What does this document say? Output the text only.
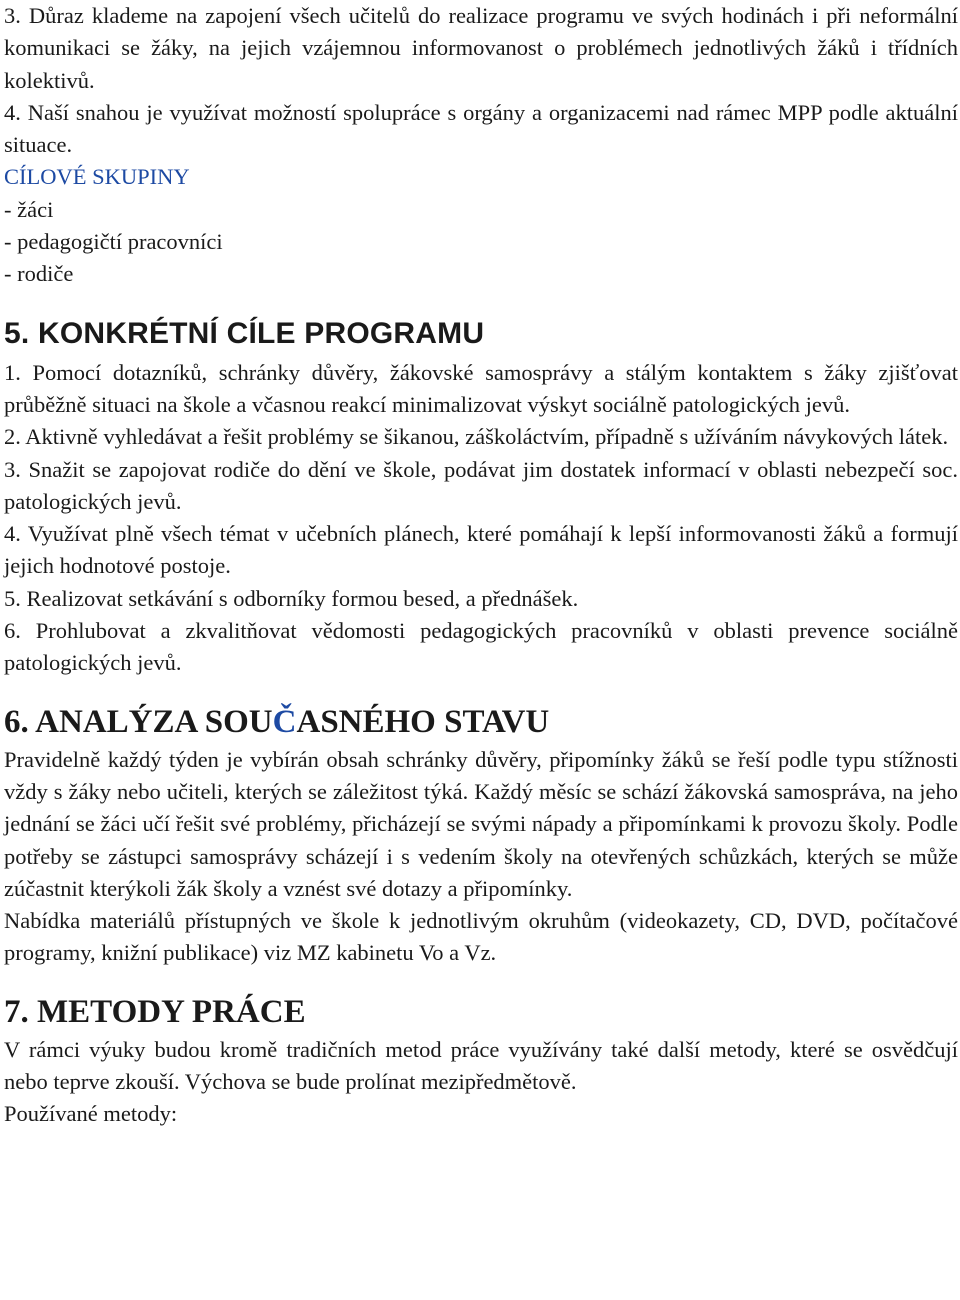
3. Důraz klademe na zapojení všech učitelů do realizace programu ve svých hodinách i při neformální komunikaci se žáky, na jejich vzájemnou informovanost o problémech jednotlivých žáků i třídních kolektivů.

4. Naší snahou je využívat možností spolupráce s orgány a organizacemi nad rámec MPP podle aktuální situace.

CÍLOVÉ SKUPINY

- žáci

- pedagogičtí pracovníci

- rodiče

5. KONKRÉTNÍ CÍLE PROGRAMU

1. Pomocí dotazníků, schránky důvěry, žákovské samosprávy a stálým kontaktem s žáky zjišťovat průběžně situaci na škole a včasnou reakcí minimalizovat výskyt sociálně patologických jevů.

2. Aktivně vyhledávat a řešit problémy se šikanou, záškoláctvím, případně s užíváním návykových látek.

3. Snažit se zapojovat rodiče do dění ve škole, podávat jim dostatek informací v oblasti nebezpečí soc. patologických jevů.

4. Využívat plně všech témat v učebních plánech, které pomáhají k lepší informovanosti žáků a formují jejich hodnotové postoje.

5. Realizovat setkávání s odborníky formou besed, a přednášek.

6. Prohlubovat a zkvalitňovat vědomosti pedagogických pracovníků v oblasti prevence sociálně patologických jevů.

6. ANALÝZA SOUČASNÉHO STAVU

Pravidelně každý týden je vybírán obsah schránky důvěry, připomínky žáků se řeší podle typu stížnosti vždy s žáky nebo učiteli, kterých se záležitost týká. Každý měsíc se schází žákovská samospráva, na jeho jednání se žáci učí řešit své problémy, přicházejí se svými nápady a připomínkami k provozu školy. Podle potřeby se zástupci samosprávy scházejí i s vedením školy na otevřených schůzkách, kterých se může zúčastnit kterýkoli žák školy a vznést své dotazy a připomínky.

Nabídka materiálů přístupných ve škole k jednotlivým okruhům (videokazety, CD, DVD, počítačové programy, knižní publikace) viz MZ kabinetu Vo a Vz.

7. METODY PRÁCE

V rámci výuky budou kromě tradičních metod práce využívány také další metody, které se osvědčují nebo teprve zkouší. Výchova se bude prolínat mezipředmětově.

Používané metody:
